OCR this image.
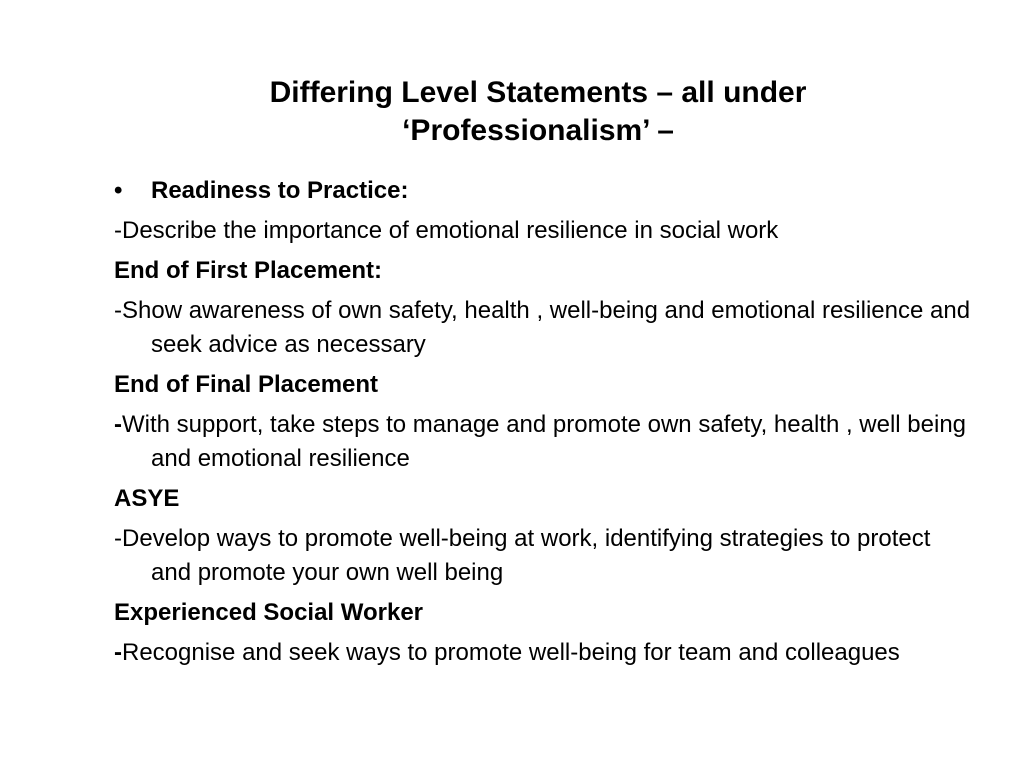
Differing Level Statements – all under
‘Professionalism’ –

•	Readiness to Practice:

-Describe the importance of emotional resilience in social work

End of First Placement:

-Show awareness of own safety, health , well-being and emotional resilience and seek advice as necessary

End of Final Placement

-With support, take steps to manage and promote own safety, health , well being and emotional resilience

ASYE

-Develop ways to promote well-being at work, identifying strategies to protect and promote your own well being

Experienced Social Worker

-Recognise and seek ways to promote well-being for team and colleagues
